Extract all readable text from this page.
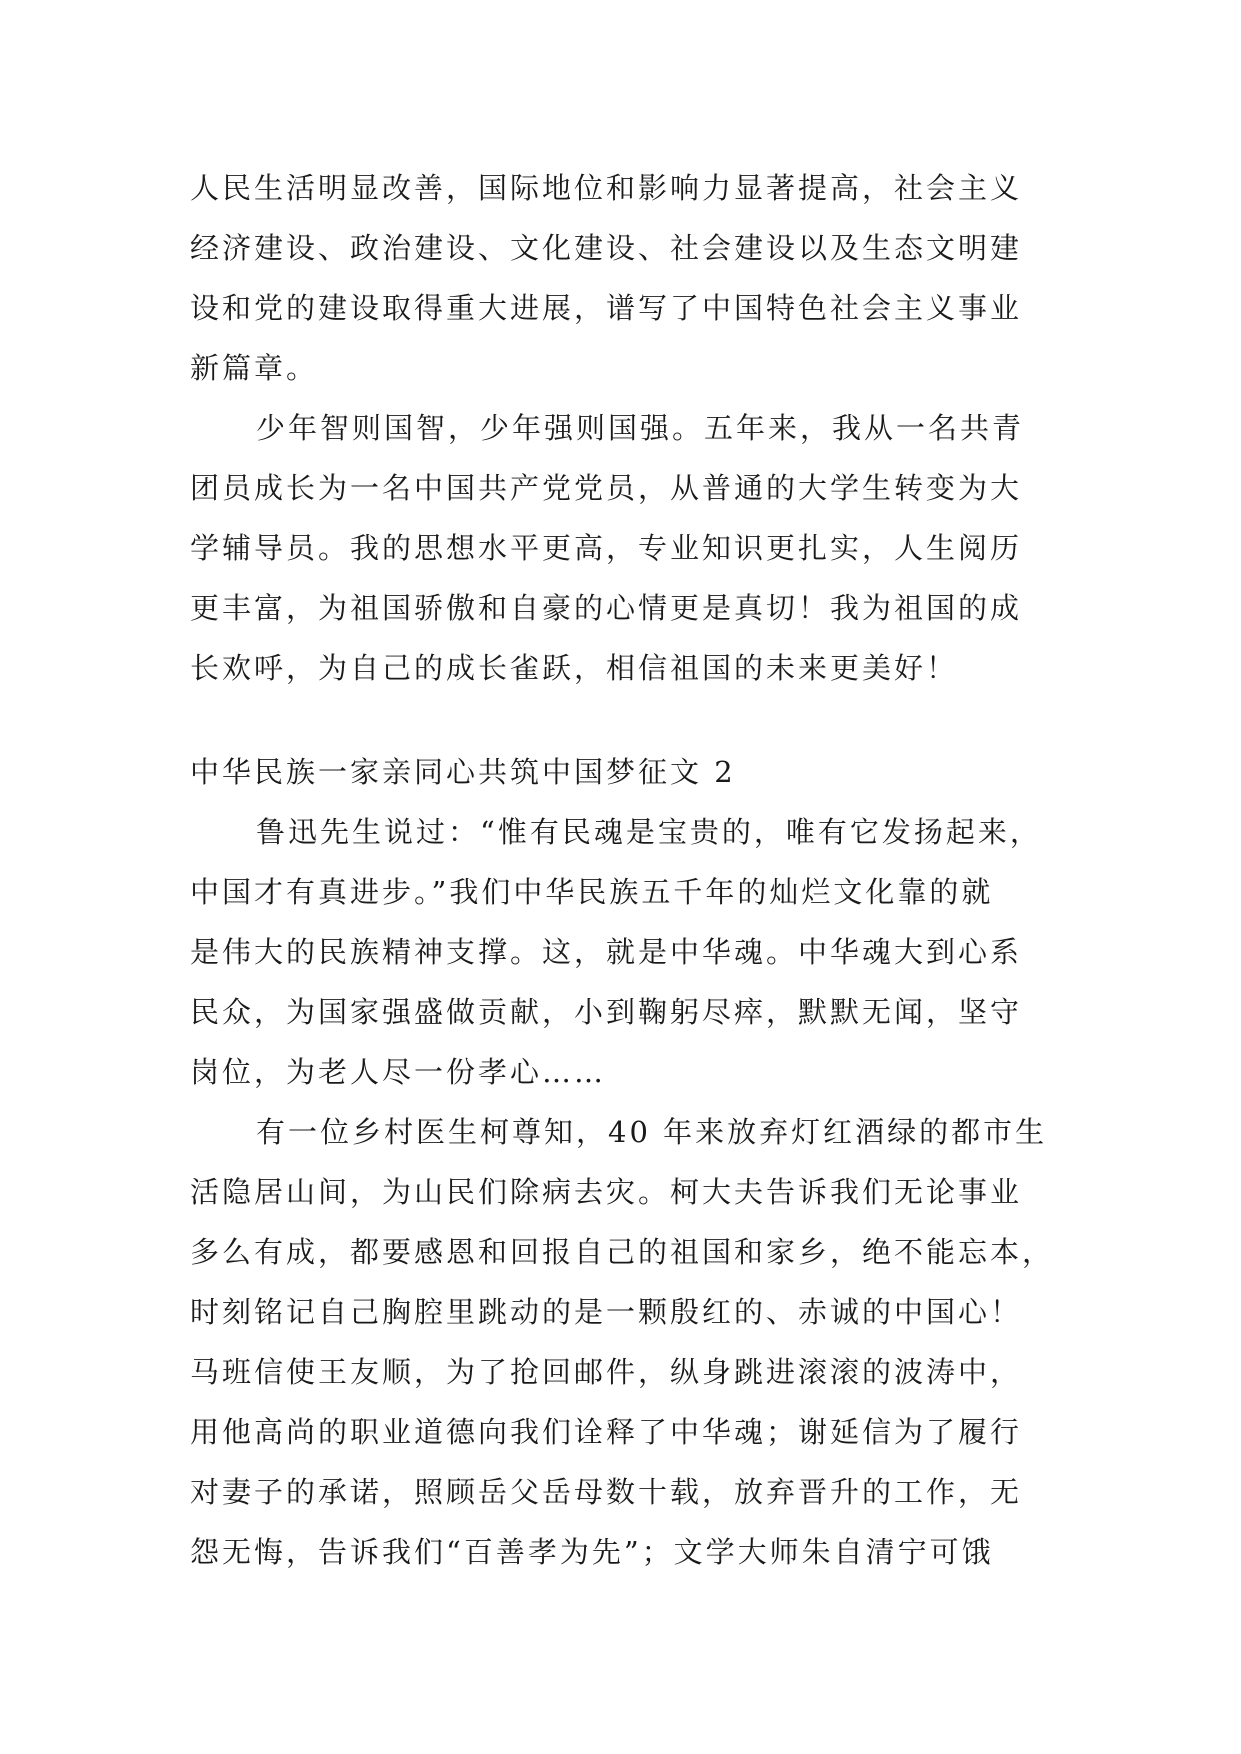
人民生活明显改善，国际地位和影响力显著提高，社会主义
经济建设、政治建设、文化建设、社会建设以及生态文明建
设和党的建设取得重大进展，谱写了中国特色社会主义事业
新篇章。
少年智则国智，少年强则国强。五年来，我从一名共青
团员成长为一名中国共产党党员，从普通的大学生转变为大
学辅导员。我的思想水平更高，专业知识更扎实，人生阅历
更丰富，为祖国骄傲和自豪的心情更是真切！我为祖国的成
长欢呼，为自己的成长雀跃，相信祖国的未来更美好！
中华民族一家亲同心共筑中国梦征文 2
鲁迅先生说过：“惟有民魂是宝贵的，唯有它发扬起来，
中国才有真进步。”我们中华民族五千年的灿烂文化靠的就
是伟大的民族精神支撑。这，就是中华魂。中华魂大到心系
民众，为国家强盛做贡献，小到鞠躬尽瘁，默默无闻，坚守
岗位，为老人尽一份孝心……
有一位乡村医生柯尊知，40 年来放弃灯红酒绿的都市生
活隐居山间，为山民们除病去灾。柯大夫告诉我们无论事业
多么有成，都要感恩和回报自己的祖国和家乡，绝不能忘本，
时刻铭记自己胸腔里跳动的是一颗殷红的、赤诚的中国心！
马班信使王友顺，为了抢回邮件，纵身跳进滚滚的波涛中，
用他高尚的职业道德向我们诠释了中华魂；谢延信为了履行
对妻子的承诺，照顾岳父岳母数十载，放弃晋升的工作，无
怨无悔，告诉我们“百善孝为先”；文学大师朱自清宁可饿
